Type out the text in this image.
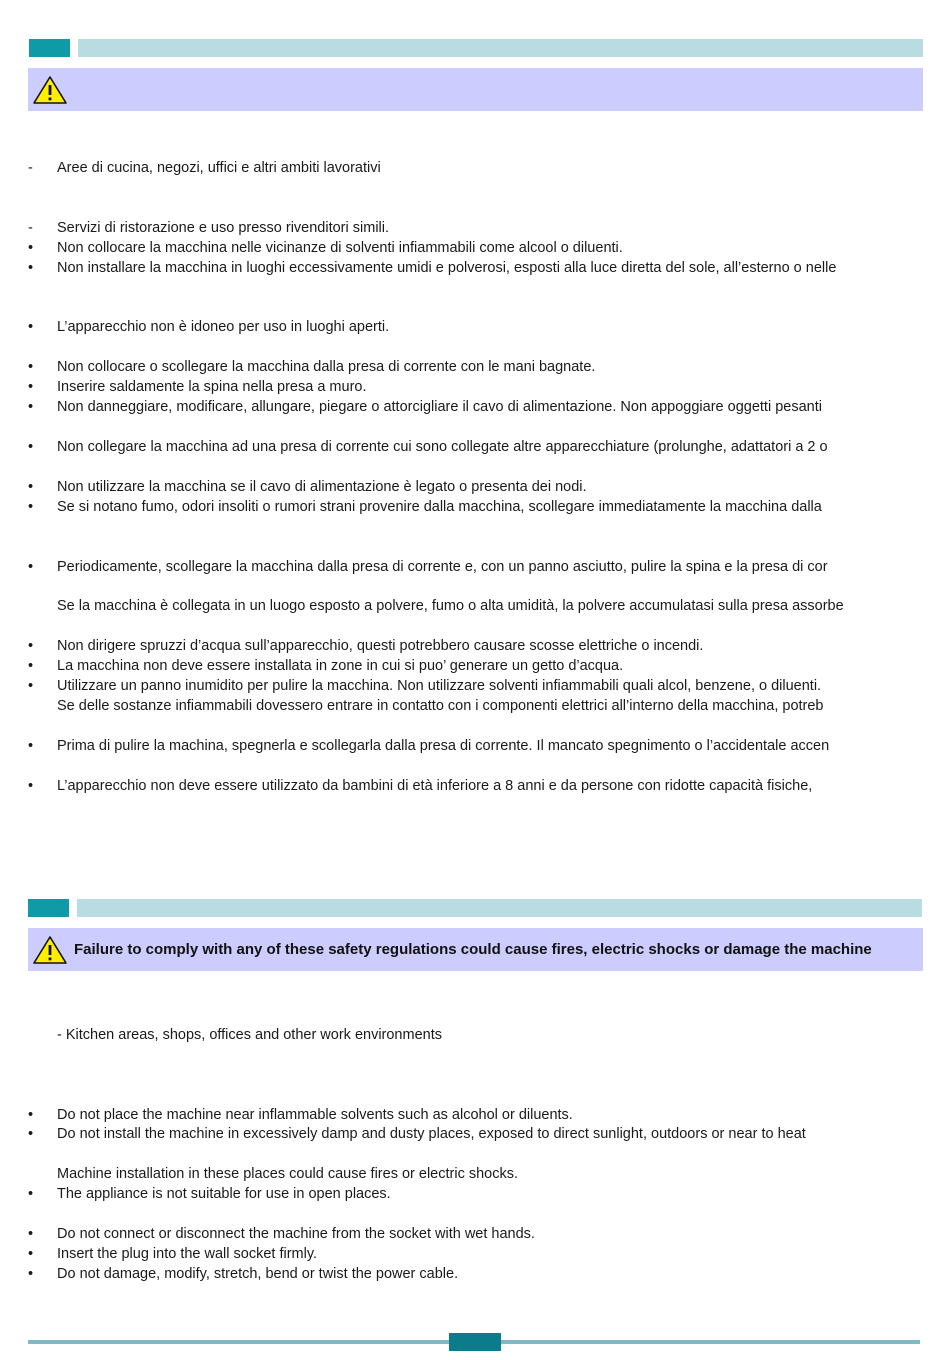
-	Aree di cucina, negozi, uffici e altri ambiti lavorativi
-	Servizi di ristorazione e uso presso rivenditori simili.
•	Non collocare la macchina nelle vicinanze di solventi infiammabili come alcool o diluenti.
•	Non installare la macchina in luoghi eccessivamente umidi e polverosi, esposti alla luce diretta del sole, all’esterno o nelle
•	L’apparecchio non è idoneo per uso in luoghi aperti.
•	Non collocare o scollegare la macchina dalla presa di corrente con le mani bagnate.
•	Inserire saldamente la spina nella presa a muro.
•	Non danneggiare, modificare, allungare, piegare o attorcigliare il cavo di alimentazione. Non appoggiare oggetti pesanti
•	Non collegare la macchina ad una presa di corrente cui sono collegate altre apparecchiature (prolunghe, adattatori a 2 o
•	Non utilizzare la macchina se il cavo di alimentazione è legato o presenta dei nodi.
•	Se si notano fumo, odori insoliti o rumori strani provenire dalla macchina, scollegare immediatamente la macchina dalla
•	Periodicamente, scollegare la macchina dalla presa di corrente e, con un panno asciutto, pulire la spina e la presa di cor
Se la macchina è collegata in un luogo esposto a polvere, fumo o alta umidità, la polvere accumulatasi sulla presa assorbe
•	Non dirigere spruzzi d’acqua sull’apparecchio, questi potrebbero causare scosse elettriche o incendi.
•	La macchina non deve essere installata in zone in cui si puo’ generare un getto d’acqua.
•	Utilizzare un panno inumidito per pulire la macchina. Non utilizzare solventi infiammabili quali alcol, benzene, o diluenti.
Se delle sostanze infiammabili dovessero entrare in contatto con i componenti elettrici all’interno della macchina, potreb
•	Prima di pulire la machina, spegnerla e scollegarla dalla presa di corrente. Il mancato spegnimento o l’accidentale accen
•	L’apparecchio non deve essere utilizzato da bambini di età inferiore a 8 anni e da persone con ridotte capacità fisiche,
Failure to comply with any of these safety regulations could cause fires, electric shocks or damage the machine
- Kitchen areas, shops, offices and other work environments
•	Do not place the machine near inflammable solvents such as alcohol or diluents.
•	Do not install the machine in excessively damp and dusty places, exposed to direct sunlight, outdoors or near to heat
Machine installation in these places could cause fires or electric shocks.
•	The appliance is not suitable for use in open places.
•	Do not connect or disconnect the machine from the socket with wet hands.
•	Insert the plug into the wall socket firmly.
•	Do not damage, modify, stretch, bend or twist the power cable.
